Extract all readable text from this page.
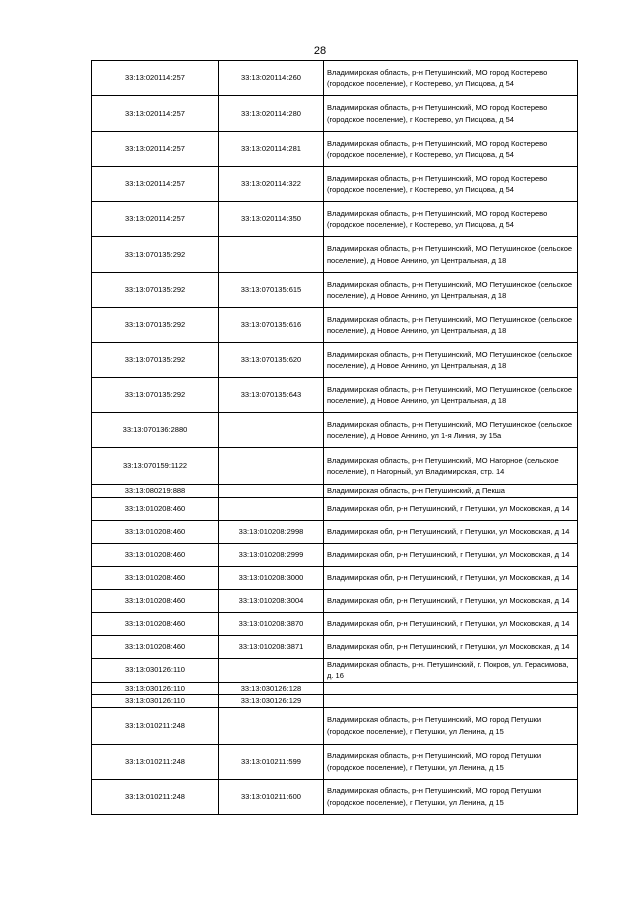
28
33:13:020114:257	33:13:020114:260	Владимирская область, р-н Петушинский, МО город Костерево (городское поселение), г Костерево, ул Писцова, д 54
33:13:020114:257	33:13:020114:280	Владимирская область, р-н Петушинский, МО город Костерево (городское поселение), г Костерево, ул Писцова, д 54
33:13:020114:257	33:13:020114:281	Владимирская область, р-н Петушинский, МО город Костерево (городское поселение), г Костерево, ул Писцова, д 54
33:13:020114:257	33:13:020114:322	Владимирская область, р-н Петушинский, МО город Костерево (городское поселение), г Костерево, ул Писцова, д 54
33:13:020114:257	33:13:020114:350	Владимирская область, р-н Петушинский, МО город Костерево (городское поселение), г Костерево, ул Писцова, д 54
33:13:070135:292		Владимирская область, р-н Петушинский, МО Петушинское (сельское поселение), д Новое Аннино, ул Центральная, д 18
33:13:070135:292	33:13:070135:615	Владимирская область, р-н Петушинский, МО Петушинское (сельское поселение), д Новое Аннино, ул Центральная, д 18
33:13:070135:292	33:13:070135:616	Владимирская область, р-н Петушинский, МО Петушинское (сельское поселение), д Новое Аннино, ул Центральная, д 18
33:13:070135:292	33:13:070135:620	Владимирская область, р-н Петушинский, МО Петушинское (сельское поселение), д Новое Аннино, ул Центральная, д 18
33:13:070135:292	33:13:070135:643	Владимирская область, р-н Петушинский, МО Петушинское (сельское поселение), д Новое Аннино, ул Центральная, д 18
33:13:070136:2880		Владимирская область, р-н Петушинский, МО Петушинское (сельское поселение), д Новое Аннино, ул 1-я Линия, зу 15а
33:13:070159:1122		Владимирская область, р-н Петушинский, МО Нагорное (сельское поселение), п Нагорный, ул Владимирская, стр. 14
33:13:080219:888		Владимирская область, р-н Петушинский, д Пекша
33:13:010208:460		Владимирская обл, р-н Петушинский, г Петушки, ул Московская, д 14
33:13:010208:460	33:13:010208:2998	Владимирская обл, р-н Петушинский, г Петушки, ул Московская, д 14
33:13:010208:460	33:13:010208:2999	Владимирская обл, р-н Петушинский, г Петушки, ул Московская, д 14
33:13:010208:460	33:13:010208:3000	Владимирская обл, р-н Петушинский, г Петушки, ул Московская, д 14
33:13:010208:460	33:13:010208:3004	Владимирская обл, р-н Петушинский, г Петушки, ул Московская, д 14
33:13:010208:460	33:13:010208:3870	Владимирская обл, р-н Петушинский, г Петушки, ул Московская, д 14
33:13:010208:460	33:13:010208:3871	Владимирская обл, р-н Петушинский, г Петушки, ул Московская, д 14
33:13:030126:110		Владимирская область, р-н. Петушинский, г. Покров, ул. Герасимова, д. 16
33:13:030126:110	33:13:030126:128	
33:13:030126:110	33:13:030126:129	
33:13:010211:248		Владимирская область, р-н Петушинский, МО город Петушки (городское поселение), г Петушки, ул Ленина, д 15
33:13:010211:248	33:13:010211:599	Владимирская область, р-н Петушинский, МО город Петушки (городское поселение), г Петушки, ул Ленина, д 15
33:13:010211:248	33:13:010211:600	Владимирская область, р-н Петушинский, МО город Петушки (городское поселение), г Петушки, ул Ленина, д 15
